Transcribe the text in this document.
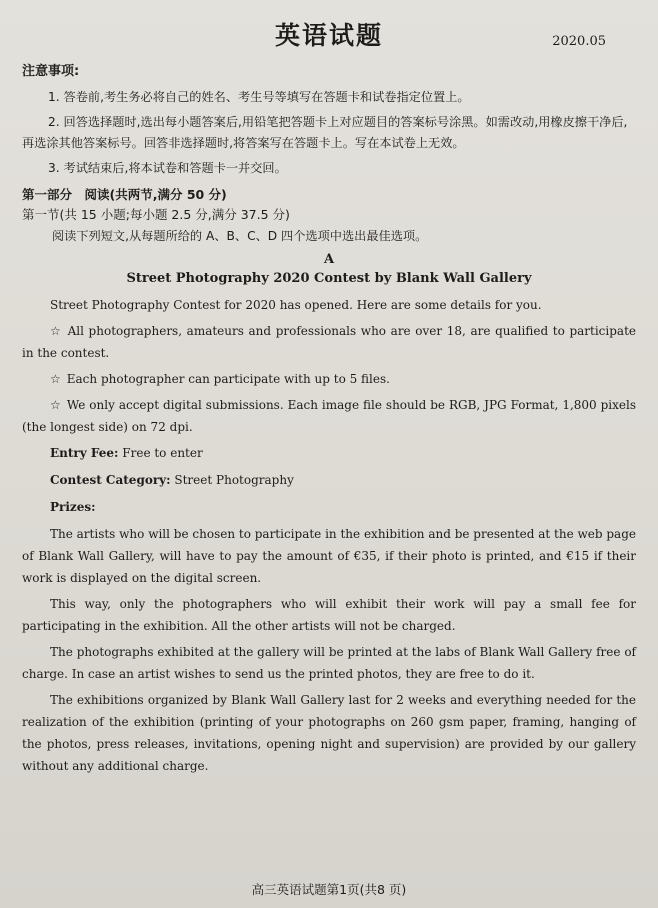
英语试题	2020.05
注意事项:
1. 答卷前,考生务必将自己的姓名、考生号等填写在答题卡和试卷指定位置上。
2. 回答选择题时,选出每小题答案后,用铅笔把答题卡上对应题目的答案标号涂黑。如需改动,用橡皮擦干净后,再选涂其他答案标号。回答非选择题时,将答案写在答题卡上。写在本试卷上无效。
3. 考试结束后,将本试卷和答题卡一并交回。
第一部分　阅读(共两节,满分 50 分)
第一节(共 15 小题;每小题 2.5 分,满分 37.5 分)
阅读下列短文,从每题所给的 A、B、C、D 四个选项中选出最佳选项。
A
Street Photography 2020 Contest by Blank Wall Gallery
Street Photography Contest for 2020 has opened. Here are some details for you.
☆ All photographers, amateurs and professionals who are over 18, are qualified to participate in the contest.
☆ Each photographer can participate with up to 5 files.
☆ We only accept digital submissions. Each image file should be RGB, JPG Format, 1,800 pixels (the longest side) on 72 dpi.
Entry Fee: Free to enter
Contest Category: Street Photography
Prizes:
The artists who will be chosen to participate in the exhibition and be presented at the web page of Blank Wall Gallery, will have to pay the amount of €35, if their photo is printed, and €15 if their work is displayed on the digital screen.
This way, only the photographers who will exhibit their work will pay a small fee for participating in the exhibition. All the other artists will not be charged.
The photographs exhibited at the gallery will be printed at the labs of Blank Wall Gallery free of charge. In case an artist wishes to send us the printed photos, they are free to do it.
The exhibitions organized by Blank Wall Gallery last for 2 weeks and everything needed for the realization of the exhibition (printing of your photographs on 260 gsm paper, framing, hanging of the photos, press releases, invitations, opening night and supervision) are provided by our gallery without any additional charge.
高三英语试题第1页(共8 页)
